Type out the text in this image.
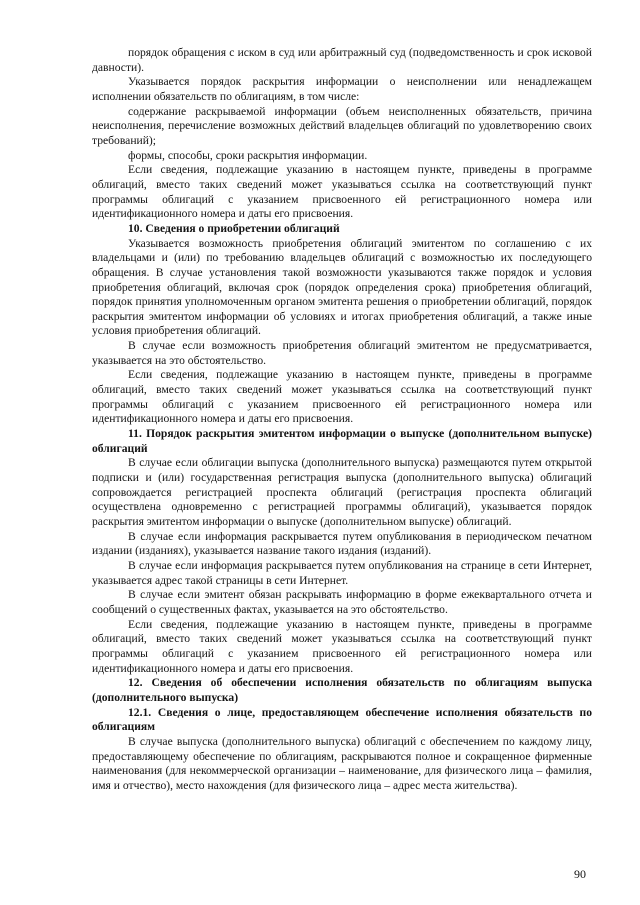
порядок обращения с иском в суд или арбитражный суд (подведомственность и срок исковой давности).

Указывается порядок раскрытия информации о неисполнении или ненадлежащем исполнении обязательств по облигациям, в том числе:

содержание раскрываемой информации (объем неисполненных обязательств, причина неисполнения, перечисление возможных действий владельцев облигаций по удовлетворению своих требований);

формы, способы, сроки раскрытия информации.

Если сведения, подлежащие указанию в настоящем пункте, приведены в программе облигаций, вместо таких сведений может указываться ссылка на соответствующий пункт программы облигаций с указанием присвоенного ей регистрационного номера или идентификационного номера и даты его присвоения.

10. Сведения о приобретении облигаций

Указывается возможность приобретения облигаций эмитентом по соглашению с их владельцами и (или) по требованию владельцев облигаций с возможностью их последующего обращения. В случае установления такой возможности указываются также порядок и условия приобретения облигаций, включая срок (порядок определения срока) приобретения облигаций, порядок принятия уполномоченным органом эмитента решения о приобретении облигаций, порядок раскрытия эмитентом информации об условиях и итогах приобретения облигаций, а также иные условия приобретения облигаций.

В случае если возможность приобретения облигаций эмитентом не предусматривается, указывается на это обстоятельство.

Если сведения, подлежащие указанию в настоящем пункте, приведены в программе облигаций, вместо таких сведений может указываться ссылка на соответствующий пункт программы облигаций с указанием присвоенного ей регистрационного номера или идентификационного номера и даты его присвоения.

11. Порядок раскрытия эмитентом информации о выпуске (дополнительном выпуске) облигаций

В случае если облигации выпуска (дополнительного выпуска) размещаются путем открытой подписки и (или) государственная регистрация выпуска (дополнительного выпуска) облигаций сопровождается регистрацией проспекта облигаций (регистрация проспекта облигаций осуществлена одновременно с регистрацией программы облигаций), указывается порядок раскрытия эмитентом информации о выпуске (дополнительном выпуске) облигаций.

В случае если информация раскрывается путем опубликования в периодическом печатном издании (изданиях), указывается название такого издания (изданий).

В случае если информация раскрывается путем опубликования на странице в сети Интернет, указывается адрес такой страницы в сети Интернет.

В случае если эмитент обязан раскрывать информацию в форме ежеквартального отчета и сообщений о существенных фактах, указывается на это обстоятельство.

Если сведения, подлежащие указанию в настоящем пункте, приведены в программе облигаций, вместо таких сведений может указываться ссылка на соответствующий пункт программы облигаций с указанием присвоенного ей регистрационного номера или идентификационного номера и даты его присвоения.

12. Сведения об обеспечении исполнения обязательств по облигациям выпуска (дополнительного выпуска)

12.1. Сведения о лице, предоставляющем обеспечение исполнения обязательств по облигациям

В случае выпуска (дополнительного выпуска) облигаций с обеспечением по каждому лицу, предоставляющему обеспечение по облигациям, раскрываются полное и сокращенное фирменные наименования (для некоммерческой организации – наименование, для физического лица – фамилия, имя и отчество), место нахождения (для физического лица – адрес места жительства).

90
